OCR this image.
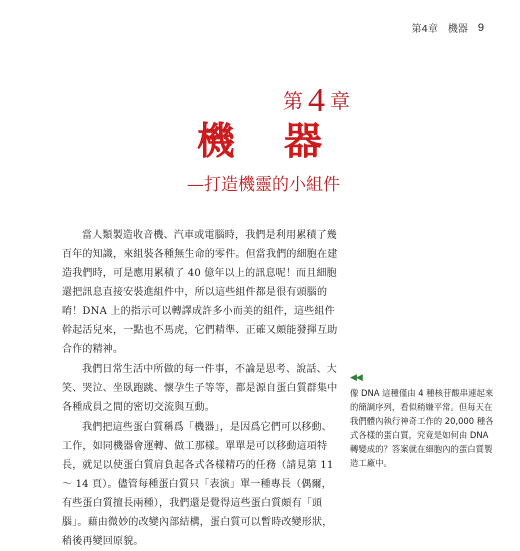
第4章　機器 9
第 4 章
機 器
—打造機靈的小組件

當人類製造收音機、汽車或電腦時，我們是利用累積了幾百年的知識，來組裝各種無生命的零件。但當我們的細胞在建造我們時，可是應用累積了 40 億年以上的訊息呢！而且細胞還把訊息直接安裝進組件中，所以這些組件都是很有頭腦的唷！DNA 上的指示可以轉譯成許多小而美的組件，這些組件幹起活兒來，一點也不馬虎，它們精準、正確又頗能發揮互助合作的精神。

我們日常生活中所做的每一件事，不論是思考、說話、大笑、哭泣、坐臥跑跳、懷孕生子等等，都是源自蛋白質群集中各種成員之間的密切交流與互動。

我們把這些蛋白質稱爲「機器」，是因爲它們可以移動、工作，如同機器會運轉、做工那樣。單單是可以移動這項特長，就足以使蛋白質肩負起各式各樣精巧的任務（請見第 11 ～ 14 頁）。儘管每種蛋白質只「表演」單一種專長（偶爾，有些蛋白質擅長兩種），我們還是覺得這些蛋白質頗有「頭腦」。藉由微妙的改變內部結構，蛋白質可以暫時改變形狀，稍後再變回原貌。

◀◀
像 DNA 這種僅由 4 種核苷酸串連起來的簡調序列，看似稍嫌平常。但每天在我們體內執行神奇工作的 20,000 種各式各樣的蛋白質，究竟是如何由 DNA 轉變成的？答案就在細胞內的蛋白質製造工廠中。
